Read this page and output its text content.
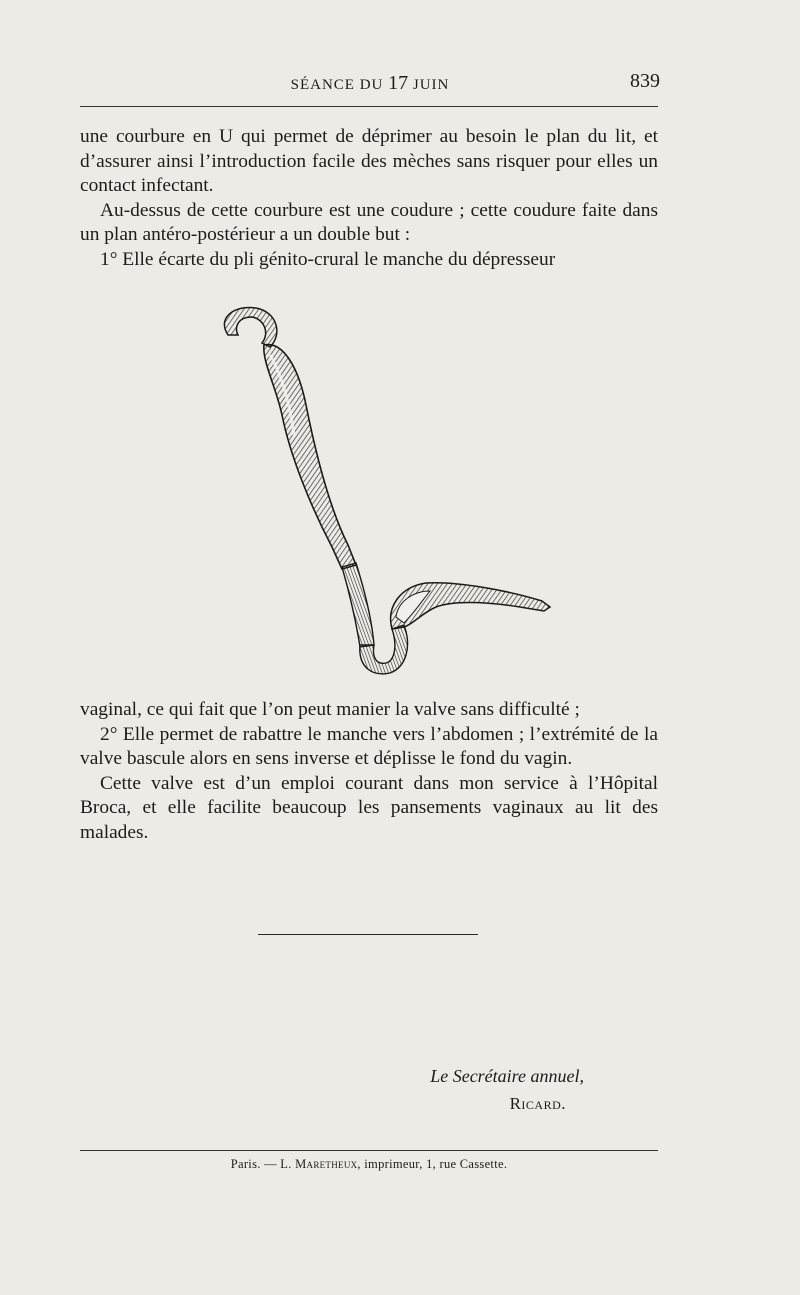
SÉANCE DU 17 JUIN	839

une courbure en U qui permet de déprimer au besoin le plan du lit, et d’assurer ainsi l’introduction facile des mèches sans risquer pour elles un contact infectant.

Au-dessus de cette courbure est une coudure ; cette coudure faite dans un plan antéro-postérieur a un double but :

1° Elle écarte du pli génito-crural le manche du dépresseur

vaginal, ce qui fait que l’on peut manier la valve sans difficulté ;

2° Elle permet de rabattre le manche vers l’abdomen ; l’extrémité de la valve bascule alors en sens inverse et déplisse le fond du vagin.

Cette valve est d’un emploi courant dans mon service à l’Hôpital Broca, et elle facilite beaucoup les pansements vaginaux au lit des malades.

Le Secrétaire annuel,
Ricard.
Paris. — L. Maretheux, imprimeur, 1, rue Cassette.
